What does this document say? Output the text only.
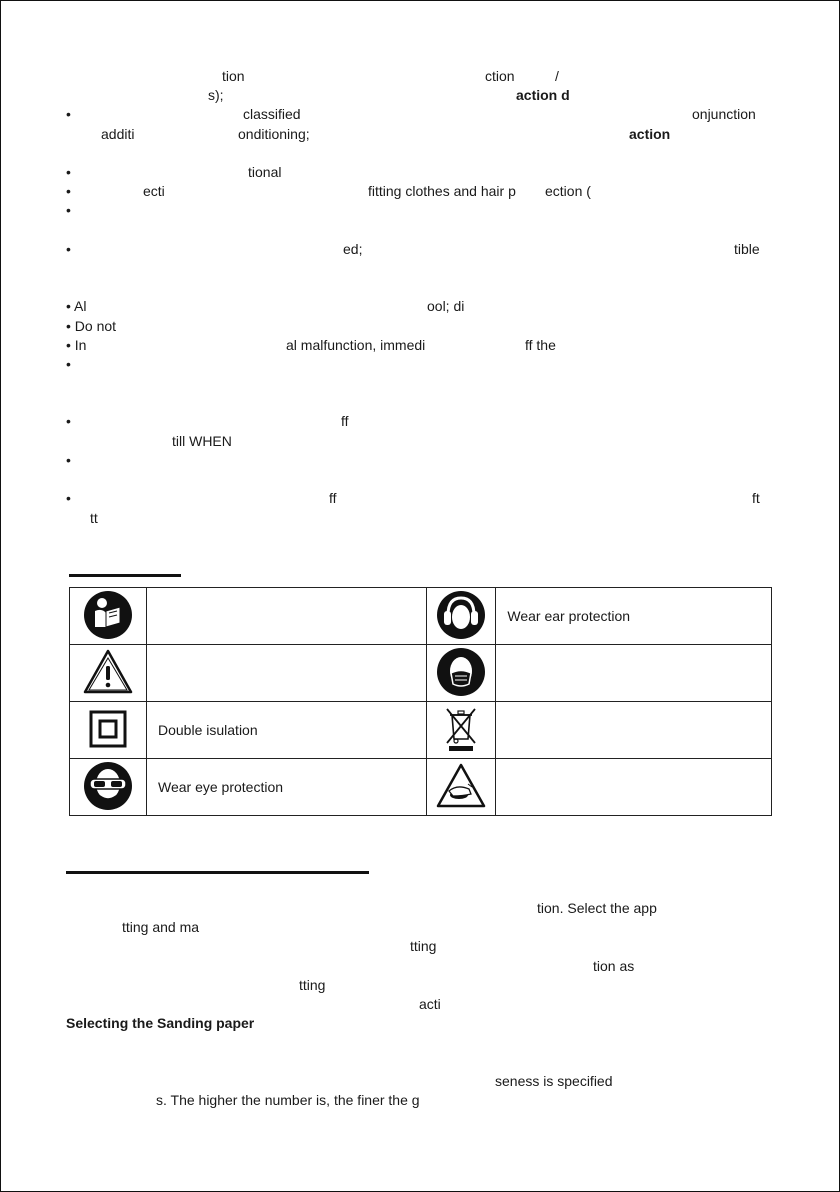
tion	ction	/
s);	action d
•	classified	onjunction
additi	onditioning;	action
•	tional
•	ecti	fitting clothes and hair p ection (
•
•	ed;	tible
• Al	ool; di
• Do not
• In	al malfunction, immedi	ff the
•
•	ff
till WHEN
•
•	ff	ft
tt
			Wear ear protection

	Double isulation		
	Wear eye protection		
tion. Select the app
tting and ma
tting
tion as
tting
acti
Selecting the Sanding paper
seness is specified
s. The higher the number is, the finer the g
